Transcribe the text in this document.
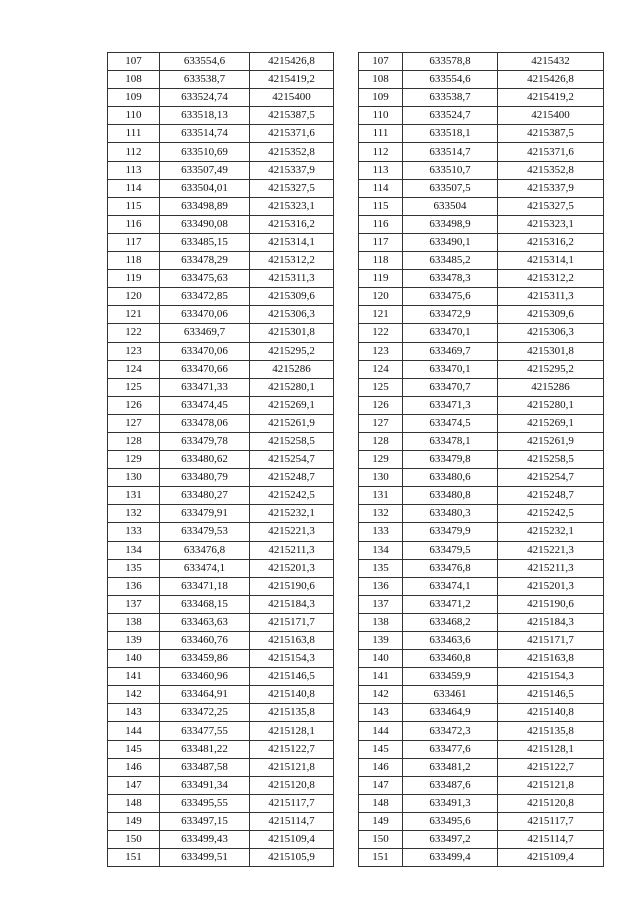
107	633554,6	4215426,8
108	633538,7	4215419,2
109	633524,74	4215400
110	633518,13	4215387,5
111	633514,74	4215371,6
112	633510,69	4215352,8
113	633507,49	4215337,9
114	633504,01	4215327,5
115	633498,89	4215323,1
116	633490,08	4215316,2
117	633485,15	4215314,1
118	633478,29	4215312,2
119	633475,63	4215311,3
120	633472,85	4215309,6
121	633470,06	4215306,3
122	633469,7	4215301,8
123	633470,06	4215295,2
124	633470,66	4215286
125	633471,33	4215280,1
126	633474,45	4215269,1
127	633478,06	4215261,9
128	633479,78	4215258,5
129	633480,62	4215254,7
130	633480,79	4215248,7
131	633480,27	4215242,5
132	633479,91	4215232,1
133	633479,53	4215221,3
134	633476,8	4215211,3
135	633474,1	4215201,3
136	633471,18	4215190,6
137	633468,15	4215184,3
138	633463,63	4215171,7
139	633460,76	4215163,8
140	633459,86	4215154,3
141	633460,96	4215146,5
142	633464,91	4215140,8
143	633472,25	4215135,8
144	633477,55	4215128,1
145	633481,22	4215122,7
146	633487,58	4215121,8
147	633491,34	4215120,8
148	633495,55	4215117,7
149	633497,15	4215114,7
150	633499,43	4215109,4
151	633499,51	4215105,9
107	633578,8	4215432
108	633554,6	4215426,8
109	633538,7	4215419,2
110	633524,7	4215400
111	633518,1	4215387,5
112	633514,7	4215371,6
113	633510,7	4215352,8
114	633507,5	4215337,9
115	633504	4215327,5
116	633498,9	4215323,1
117	633490,1	4215316,2
118	633485,2	4215314,1
119	633478,3	4215312,2
120	633475,6	4215311,3
121	633472,9	4215309,6
122	633470,1	4215306,3
123	633469,7	4215301,8
124	633470,1	4215295,2
125	633470,7	4215286
126	633471,3	4215280,1
127	633474,5	4215269,1
128	633478,1	4215261,9
129	633479,8	4215258,5
130	633480,6	4215254,7
131	633480,8	4215248,7
132	633480,3	4215242,5
133	633479,9	4215232,1
134	633479,5	4215221,3
135	633476,8	4215211,3
136	633474,1	4215201,3
137	633471,2	4215190,6
138	633468,2	4215184,3
139	633463,6	4215171,7
140	633460,8	4215163,8
141	633459,9	4215154,3
142	633461	4215146,5
143	633464,9	4215140,8
144	633472,3	4215135,8
145	633477,6	4215128,1
146	633481,2	4215122,7
147	633487,6	4215121,8
148	633491,3	4215120,8
149	633495,6	4215117,7
150	633497,2	4215114,7
151	633499,4	4215109,4
